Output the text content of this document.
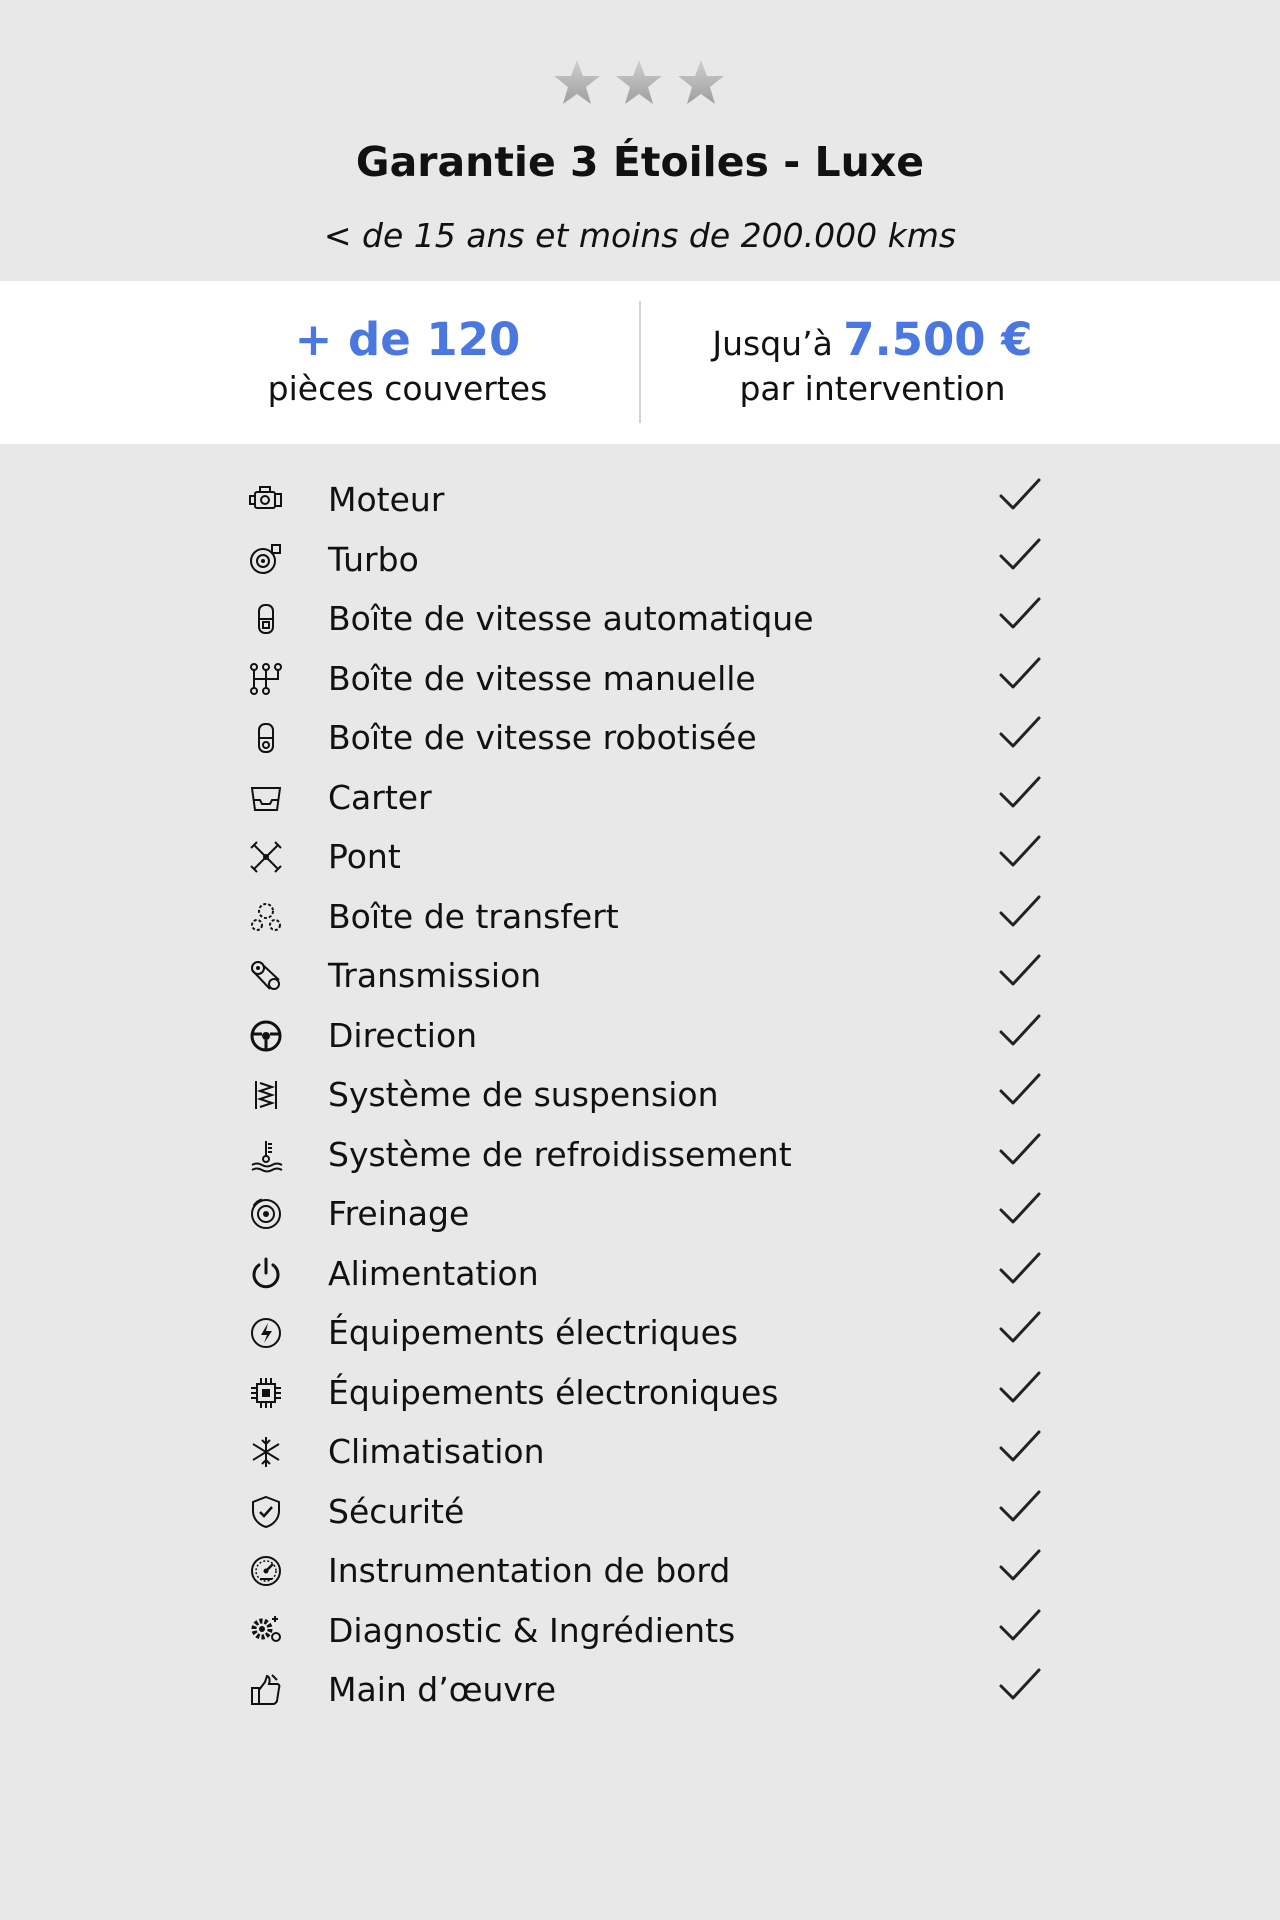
Garantie 3 Étoiles - Luxe
< de 15 ans et moins de 200.000 kms
+ de 120
pièces couvertes
Jusqu’à 7.500 €
par intervention
Moteur
Turbo
Boîte de vitesse automatique
Boîte de vitesse manuelle
Boîte de vitesse robotisée
Carter
Pont
Boîte de transfert
Transmission
Direction
Système de suspension
Système de refroidissement
Freinage
Alimentation
Équipements électriques
Équipements électroniques
Climatisation
Sécurité
Instrumentation de bord
Diagnostic & Ingrédients
Main d’œuvre
